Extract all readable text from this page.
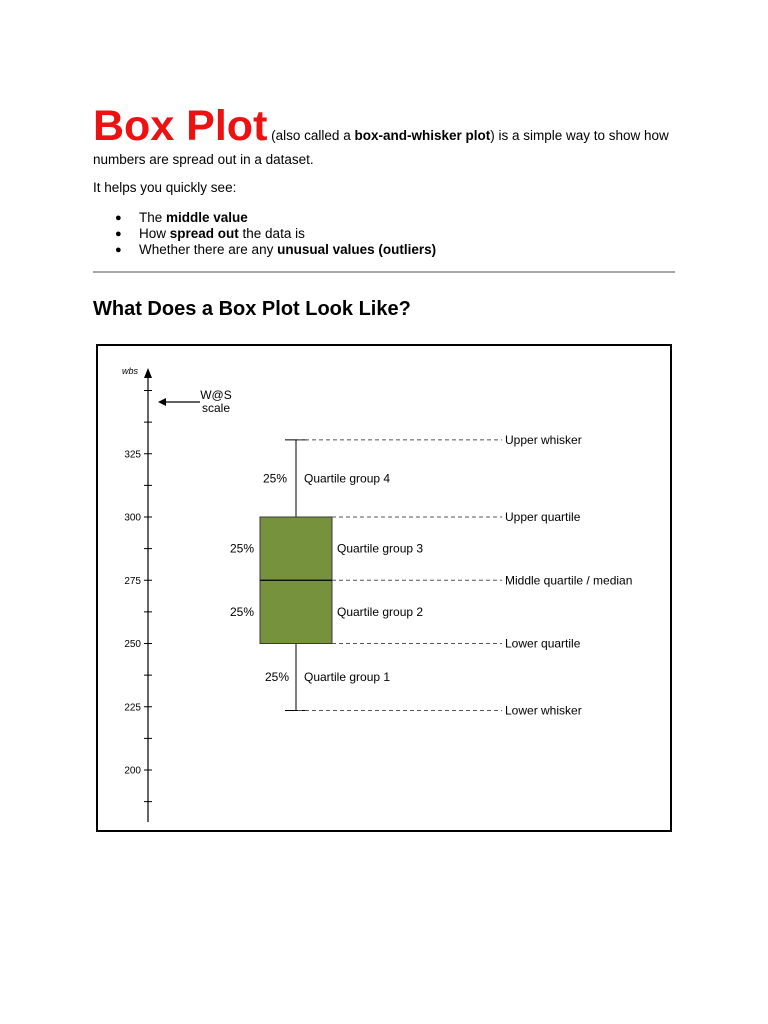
Box Plot (also called a box-and-whisker plot) is a simple way to show how numbers are spread out in a dataset.
It helps you quickly see:
● The middle value
● How spread out the data is
● Whether there are any unusual values (outliers)
What Does a Box Plot Look Like?
wbs
W@S
scale
200
225
250
275
300
325
Upper whisker
Upper quartile
Middle quartile / median
Lower quartile
Lower whisker
25%
25%
25%
25%
Quartile group 4
Quartile group 3
Quartile group 2
Quartile group 1
